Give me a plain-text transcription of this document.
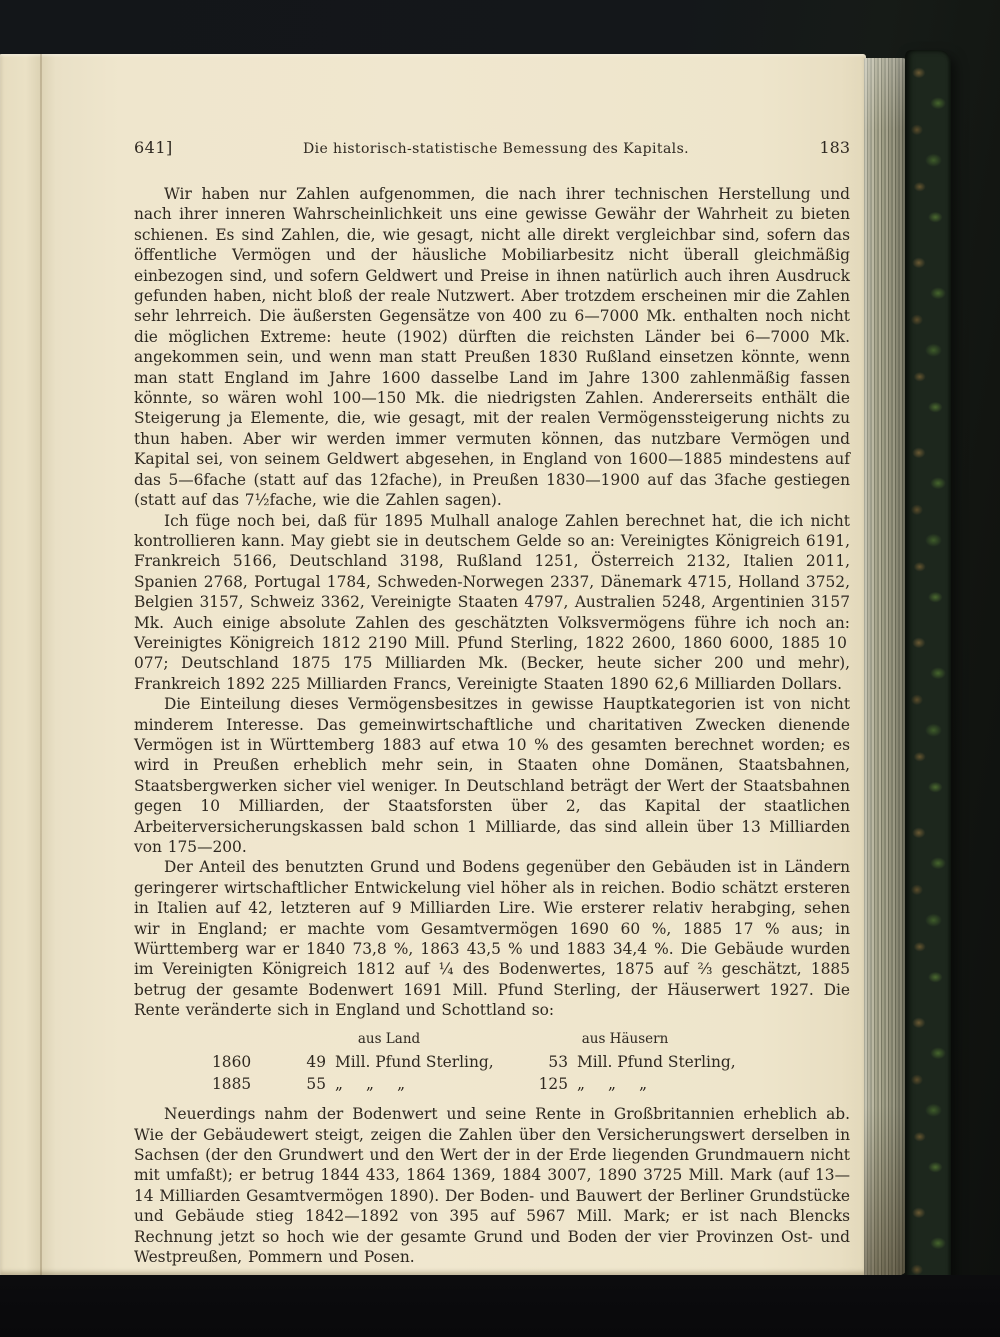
641]	Die historisch-statistische Bemessung des Kapitals.	183

Wir haben nur Zahlen aufgenommen, die nach ihrer technischen Herstellung und nach ihrer inneren Wahrscheinlichkeit uns eine gewisse Gewähr der Wahrheit zu bieten schienen. Es sind Zahlen, die, wie gesagt, nicht alle direkt vergleichbar sind, sofern das öffentliche Vermögen und der häusliche Mobiliarbesitz nicht überall gleichmäßig einbezogen sind, und sofern Geldwert und Preise in ihnen natürlich auch ihren Ausdruck gefunden haben, nicht bloß der reale Nutzwert. Aber trotzdem erscheinen mir die Zahlen sehr lehrreich. Die äußersten Gegensätze von 400 zu 6—7000 Mk. enthalten noch nicht die möglichen Extreme: heute (1902) dürften die reichsten Länder bei 6—7000 Mk. angekommen sein, und wenn man statt Preußen 1830 Rußland einsetzen könnte, wenn man statt England im Jahre 1600 dasselbe Land im Jahre 1300 zahlenmäßig fassen könnte, so wären wohl 100—150 Mk. die niedrigsten Zahlen. Andererseits enthält die Steigerung ja Elemente, die, wie gesagt, mit der realen Vermögenssteigerung nichts zu thun haben. Aber wir werden immer vermuten können, das nutzbare Vermögen und Kapital sei, von seinem Geldwert abgesehen, in England von 1600—1885 mindestens auf das 5—6fache (statt auf das 12fache), in Preußen 1830—1900 auf das 3fache gestiegen (statt auf das 7½fache, wie die Zahlen sagen).

Ich füge noch bei, daß für 1895 Mulhall analoge Zahlen berechnet hat, die ich nicht kontrollieren kann. May giebt sie in deutschem Gelde so an: Vereinigtes Königreich 6191, Frankreich 5166, Deutschland 3198, Rußland 1251, Österreich 2132, Italien 2011, Spanien 2768, Portugal 1784, Schweden-Norwegen 2337, Dänemark 4715, Holland 3752, Belgien 3157, Schweiz 3362, Vereinigte Staaten 4797, Australien 5248, Argentinien 3157 Mk. Auch einige absolute Zahlen des geschätzten Volksvermögens führe ich noch an: Vereinigtes Königreich 1812 2190 Mill. Pfund Sterling, 1822 2600, 1860 6000, 1885 10 077; Deutschland 1875 175 Milliarden Mk. (Becker, heute sicher 200 und mehr), Frankreich 1892 225 Milliarden Francs, Vereinigte Staaten 1890 62,6 Milliarden Dollars.

Die Einteilung dieses Vermögensbesitzes in gewisse Hauptkategorien ist von nicht minderem Interesse. Das gemeinwirtschaftliche und charitativen Zwecken dienende Vermögen ist in Württemberg 1883 auf etwa 10 % des gesamten berechnet worden; es wird in Preußen erheblich mehr sein, in Staaten ohne Domänen, Staatsbahnen, Staatsbergwerken sicher viel weniger. In Deutschland beträgt der Wert der Staatsbahnen gegen 10 Milliarden, der Staatsforsten über 2, das Kapital der staatlichen Arbeiterversicherungskassen bald schon 1 Milliarde, das sind allein über 13 Milliarden von 175—200.

Der Anteil des benutzten Grund und Bodens gegenüber den Gebäuden ist in Ländern geringerer wirtschaftlicher Entwickelung viel höher als in reichen. Bodio schätzt ersteren in Italien auf 42, letzteren auf 9 Milliarden Lire. Wie ersterer relativ herabging, sehen wir in England; er machte vom Gesamtvermögen 1690 60 %, 1885 17 % aus; in Württemberg war er 1840 73,8 %, 1863 43,5 % und 1883 34,4 %. Die Gebäude wurden im Vereinigten Königreich 1812 auf ¼ des Bodenwertes, 1875 auf ⅔ geschätzt, 1885 betrug der gesamte Bodenwert 1691 Mill. Pfund Sterling, der Häuserwert 1927. Die Rente veränderte sich in England und Schottland so:

aus Land	aus Häusern
1860	49 Mill. Pfund Sterling,	53 Mill. Pfund Sterling,
1885	55 „  „  „	125 „  „  „

Neuerdings nahm der Bodenwert und seine Rente in Großbritannien erheblich ab. Wie der Gebäudewert steigt, zeigen die Zahlen über den Versicherungswert derselben in Sachsen (der den Grundwert und den Wert der in der Erde liegenden Grundmauern nicht mit umfaßt); er betrug 1844 433, 1864 1369, 1884 3007, 1890 3725 Mill. Mark (auf 13—14 Milliarden Gesamtvermögen 1890). Der Boden- und Bauwert der Berliner Grundstücke und Gebäude stieg 1842—1892 von 395 auf 5967 Mill. Mark; er ist nach Blencks Rechnung jetzt so hoch wie der gesamte Grund und Boden der vier Provinzen Ost- und Westpreußen, Pommern und Posen.
